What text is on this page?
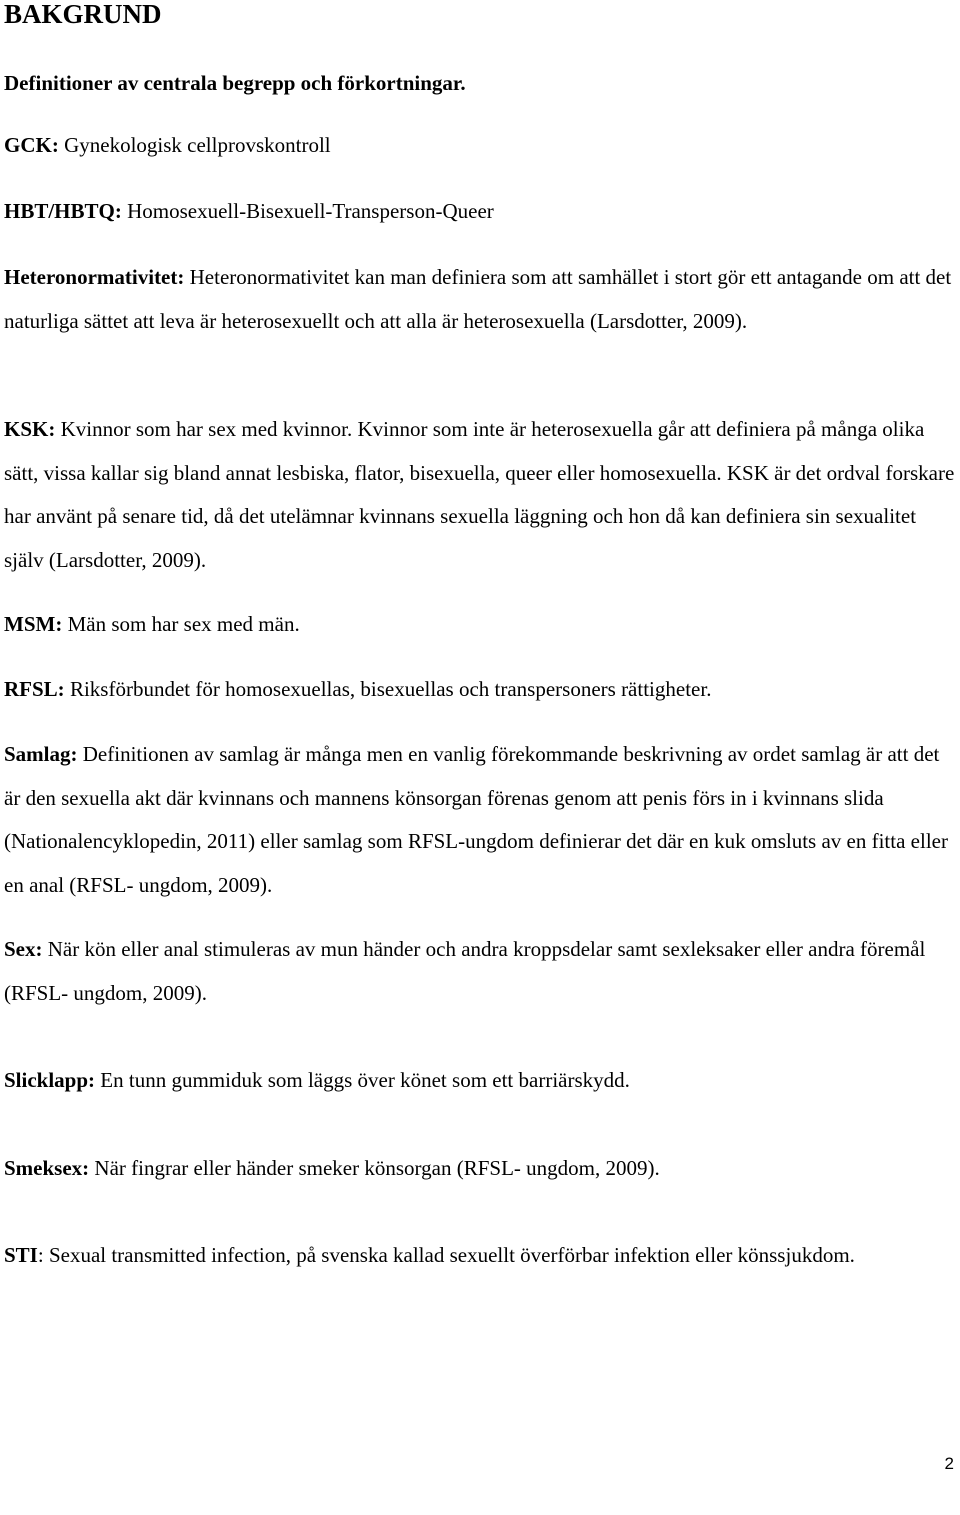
BAKGRUND
Definitioner av centrala begrepp och förkortningar.

GCK: Gynekologisk cellprovskontroll

HBT/HBTQ: Homosexuell-Bisexuell-Transperson-Queer

Heteronormativitet: Heteronormativitet kan man definiera som att samhället i stort gör ett antagande om att det naturliga sättet att leva är heterosexuellt och att alla är heterosexuella (Larsdotter, 2009).

KSK: Kvinnor som har sex med kvinnor. Kvinnor som inte är heterosexuella går att definiera på många olika sätt, vissa kallar sig bland annat lesbiska, flator, bisexuella, queer eller homosexuella. KSK är det ordval forskare har använt på senare tid, då det utelämnar kvinnans sexuella läggning och hon då kan definiera sin sexualitet själv (Larsdotter, 2009).

MSM: Män som har sex med män.

RFSL: Riksförbundet för homosexuellas, bisexuellas och transpersoners rättigheter.

Samlag: Definitionen av samlag är många men en vanlig förekommande beskrivning av ordet samlag är att det är den sexuella akt där kvinnans och mannens könsorgan förenas genom att penis förs in i kvinnans slida (Nationalencyklopedin, 2011) eller samlag som RFSL-ungdom definierar det där en kuk omsluts av en fitta eller en anal (RFSL- ungdom, 2009).

Sex: När kön eller anal stimuleras av mun händer och andra kroppsdelar samt sexleksaker eller andra föremål (RFSL- ungdom, 2009).

Slicklapp: En tunn gummiduk som läggs över könet som ett barriärskydd.

Smeksex: När fingrar eller händer smeker könsorgan (RFSL- ungdom, 2009).

STI: Sexual transmitted infection, på svenska kallad sexuellt överförbar infektion eller könssjukdom.

2
